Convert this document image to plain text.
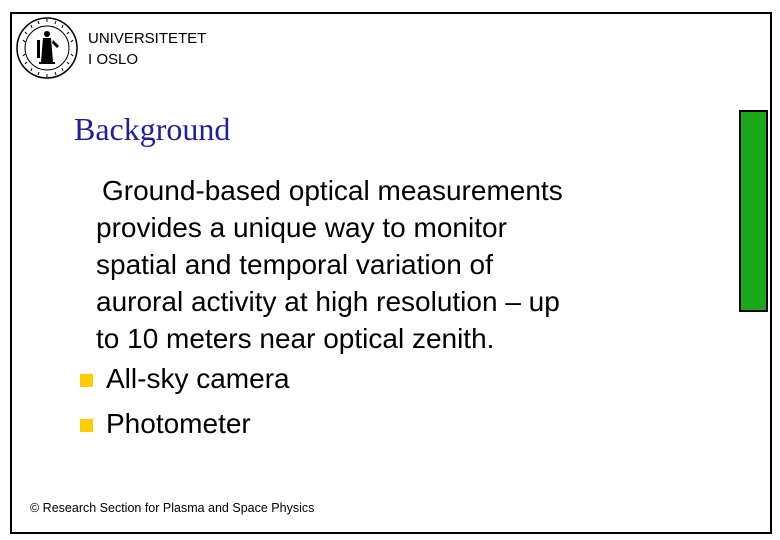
UNIVERSITETET
I OSLO
Background

Ground-based optical measurements
provides a unique way to monitor
spatial and temporal variation of
auroral activity at high resolution – up
to 10 meters near optical zenith.

All-sky camera
Photometer
© Research Section for Plasma and Space Physics
